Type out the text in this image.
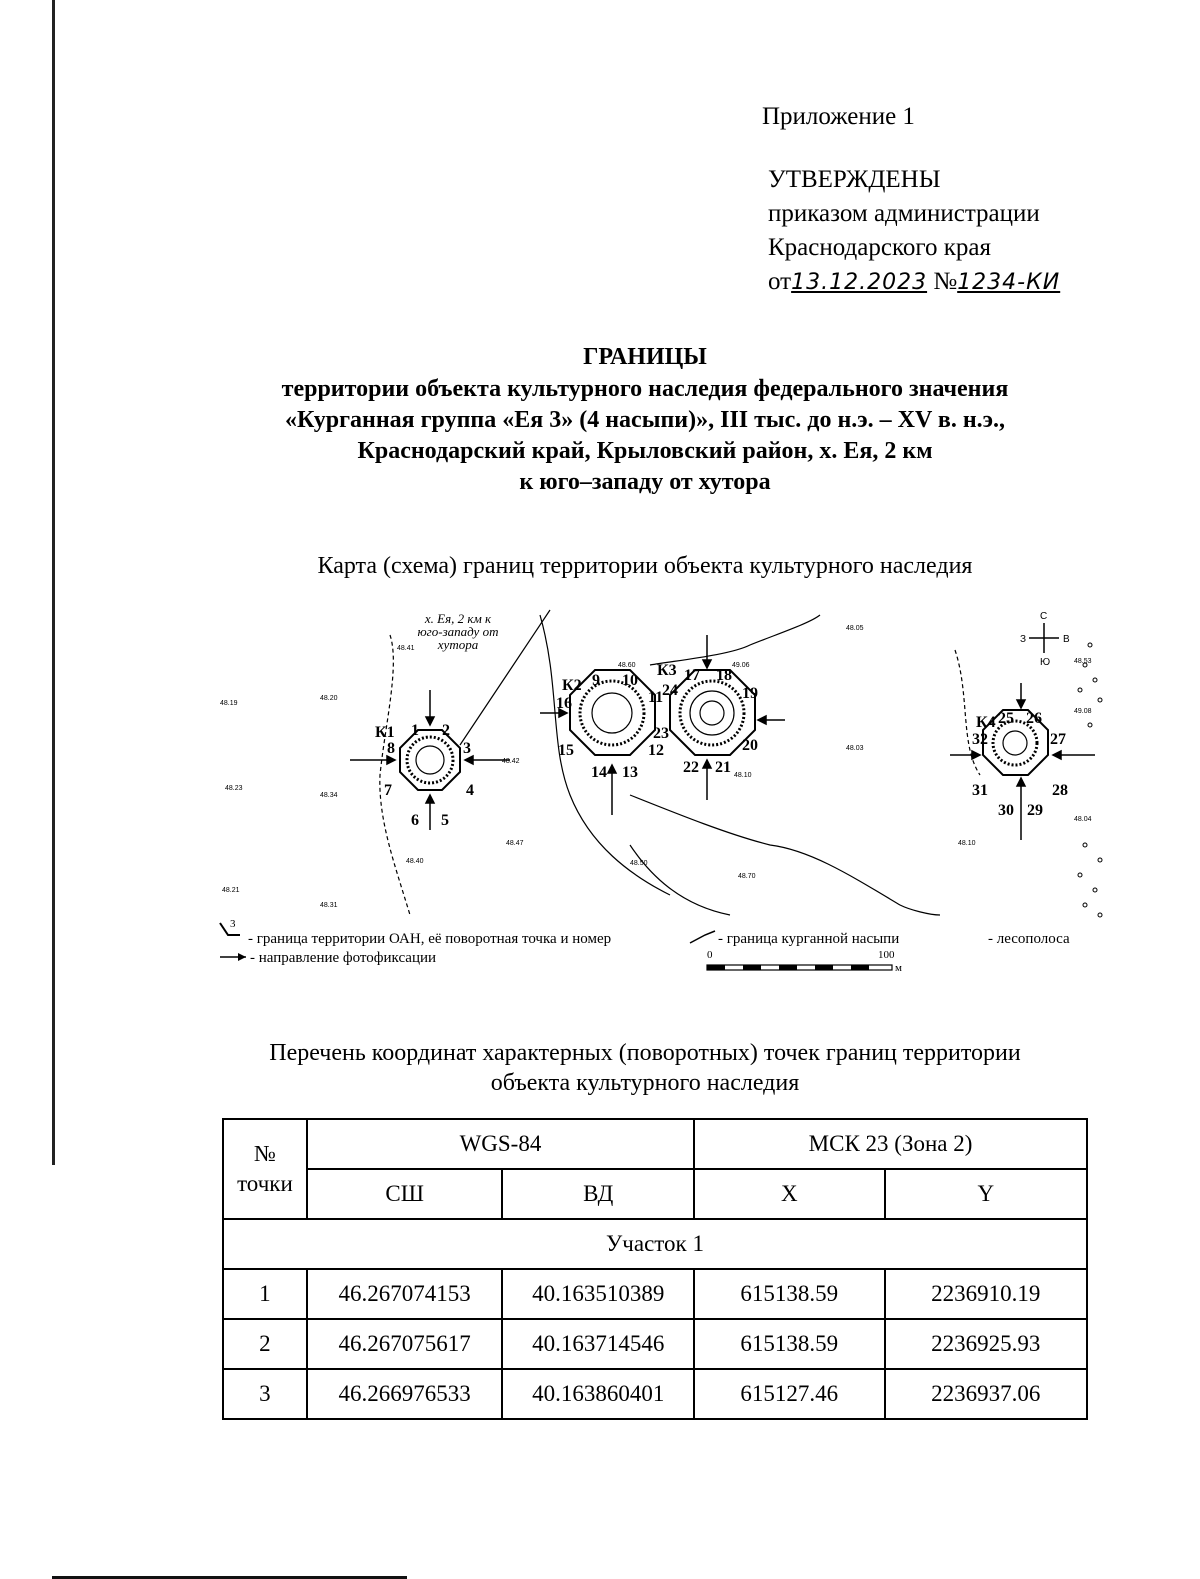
Приложение 1
УТВЕРЖДЕНЫ
приказом администрации
Краснодарского края
от13.12.2023 №1234-КИ
ГРАНИЦЫ
территории объекта культурного наследия федерального значения
«Курганная группа «Ея 3» (4 насыпи)», III тыс. до н.э. – XV в. н.э.,
Краснодарский край, Крыловский район, х. Ея, 2 км
к юго–западу от хутора
Карта (схема) границ территории объекта культурного наследия
К1
К2
К3
К4
1 2
3
4
5
6
7
8
9 10
11
12
13
14
15
16
17 18
19
20
21
22
23
24
25 26
27
28
29
30
31
32
х. Ея, 2 км к
юго-западу от
хутора
С
Ю
З	В
48.41
48.20
48.19
48.23
48.34
48.42
48.05
48.60
48.03
48.10
48.47
48.40
48.21
48.31
48.50
48.70
49.06
49.08
48.53
48.10
48.04
3
- граница территории ОАН, её поворотная точка и номер	- граница курганной насыпи	- лесополоса
- направление фотофиксации	0	100
м
Перечень координат характерных (поворотных) точек границ территории
объекта культурного наследия
№
точки	WGS-84		МСК 23 (Зона 2)	
	СШ	ВД	X	Y
Участок 1				
1	46.267074153	40.163510389	615138.59	2236910.19
2	46.267075617	40.163714546	615138.59	2236925.93
3	46.266976533	40.163860401	615127.46	2236937.06
